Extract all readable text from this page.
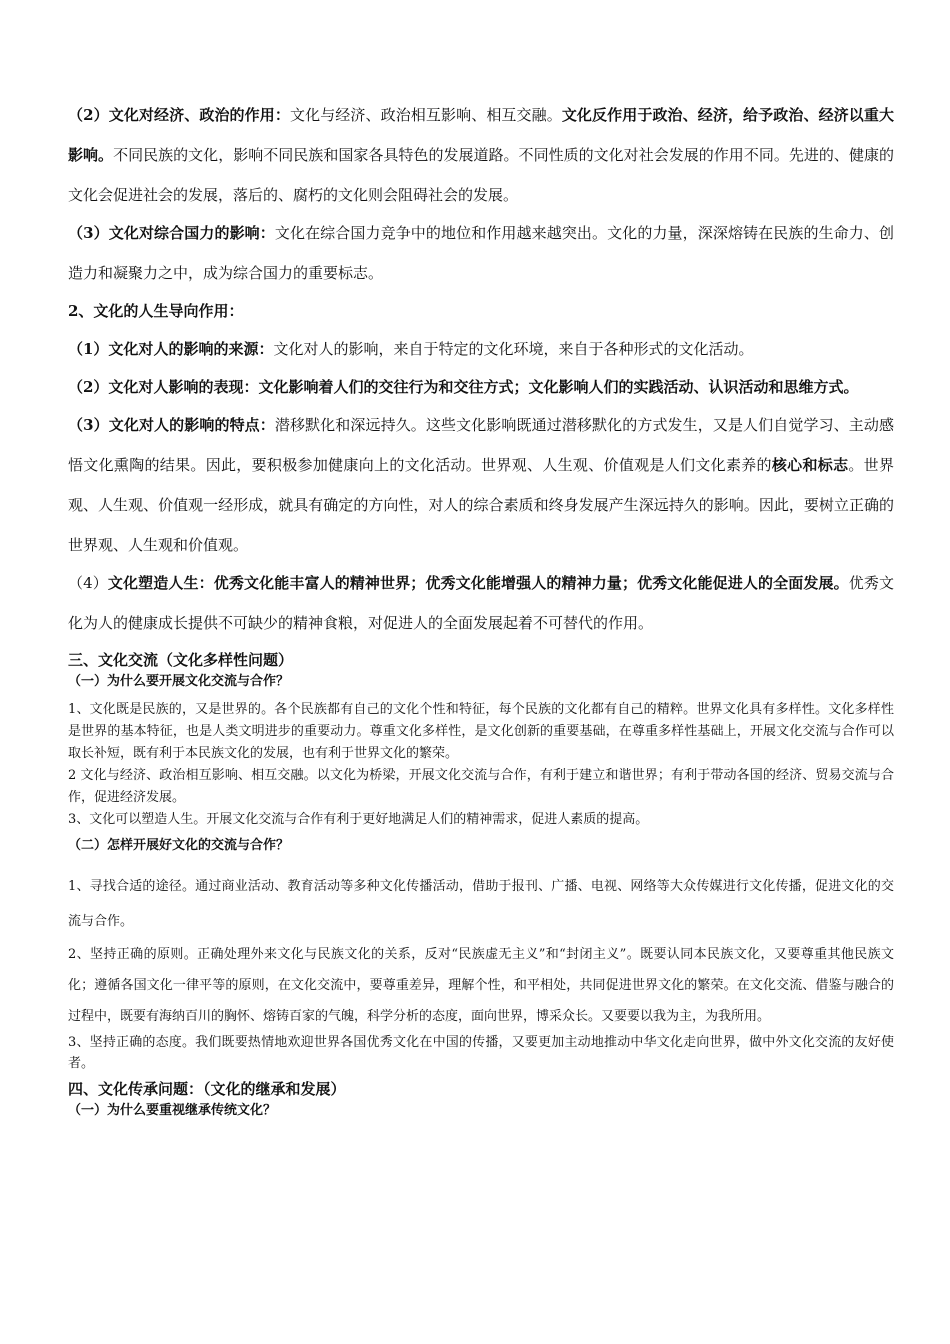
（2）文化对经济、政治的作用：文化与经济、政治相互影响、相互交融。文化反作用于政治、经济，给予政治、经济以重大影响。不同民族的文化，影响不同民族和国家各具特色的发展道路。不同性质的文化对社会发展的作用不同。先进的、健康的文化会促进社会的发展，落后的、腐朽的文化则会阻碍社会的发展。

（3）文化对综合国力的影响：文化在综合国力竞争中的地位和作用越来越突出。文化的力量，深深熔铸在民族的生命力、创造力和凝聚力之中，成为综合国力的重要标志。

2、文化的人生导向作用：

（1）文化对人的影响的来源：文化对人的影响，来自于特定的文化环境，来自于各种形式的文化活动。

（2）文化对人影响的表现：文化影响着人们的交往行为和交往方式；文化影响人们的实践活动、认识活动和思维方式。

（3）文化对人的影响的特点：潜移默化和深远持久。这些文化影响既通过潜移默化的方式发生，又是人们自觉学习、主动感悟文化熏陶的结果。因此，要积极参加健康向上的文化活动。世界观、人生观、价值观是人们文化素养的核心和标志。世界观、人生观、价值观一经形成，就具有确定的方向性，对人的综合素质和终身发展产生深远持久的影响。因此，要树立正确的世界观、人生观和价值观。

（4）文化塑造人生：优秀文化能丰富人的精神世界；优秀文化能增强人的精神力量；优秀文化能促进人的全面发展。优秀文化为人的健康成长提供不可缺少的精神食粮，对促进人的全面发展起着不可替代的作用。

三、文化交流（文化多样性问题）

（一）为什么要开展文化交流与合作？

1、文化既是民族的，又是世界的。各个民族都有自己的文化个性和特征，每个民族的文化都有自己的精粹。世界文化具有多样性。文化多样性是世界的基本特征，也是人类文明进步的重要动力。尊重文化多样性，是文化创新的重要基础，在尊重多样性基础上，开展文化交流与合作可以取长补短，既有利于本民族文化的发展，也有利于世界文化的繁荣。

2 文化与经济、政治相互影响、相互交融。以文化为桥梁，开展文化交流与合作，有利于建立和谐世界；有利于带动各国的经济、贸易交流与合作，促进经济发展。

3、文化可以塑造人生。开展文化交流与合作有利于更好地满足人们的精神需求，促进人素质的提高。

（二）怎样开展好文化的交流与合作？

1、寻找合适的途径。通过商业活动、教育活动等多种文化传播活动，借助于报刊、广播、电视、网络等大众传媒进行文化传播，促进文化的交流与合作。

2、坚持正确的原则。正确处理外来文化与民族文化的关系，反对“民族虚无主义”和“封闭主义”。既要认同本民族文化，又要尊重其他民族文化；遵循各国文化一律平等的原则，在文化交流中，要尊重差异，理解个性，和平相处，共同促进世界文化的繁荣。在文化交流、借鉴与融合的过程中，既要有海纳百川的胸怀、熔铸百家的气魄，科学分析的态度，面向世界，博采众长。又要要以我为主，为我所用。

3、坚持正确的态度。我们既要热情地欢迎世界各国优秀文化在中国的传播，又要更加主动地推动中华文化走向世界，做中外文化交流的友好使者。

四、文化传承问题：（文化的继承和发展）

（一）为什么要重视继承传统文化？
